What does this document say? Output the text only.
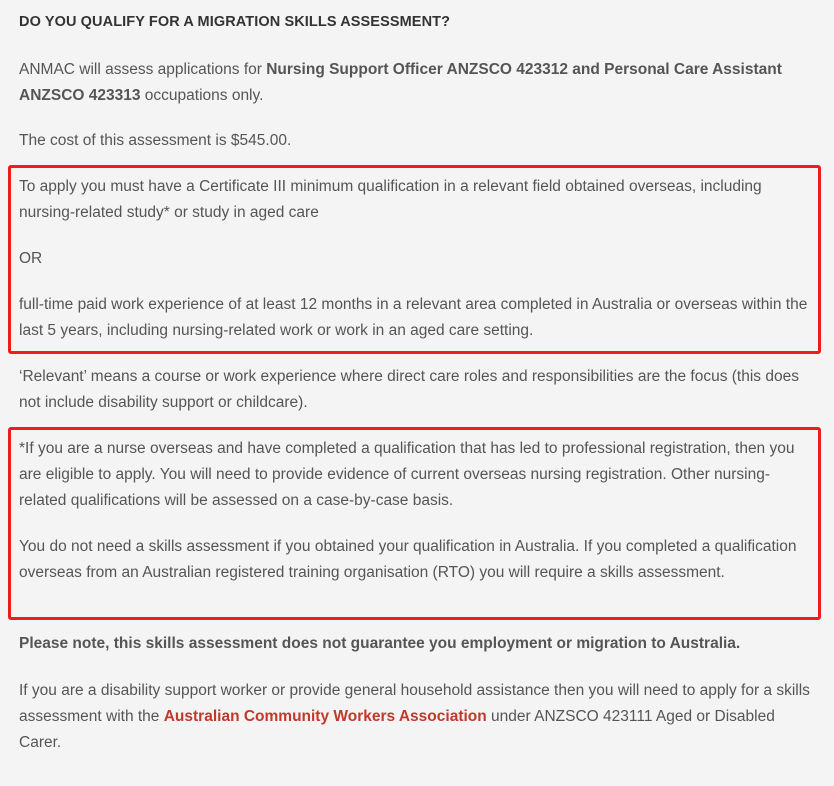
DO YOU QUALIFY FOR A MIGRATION SKILLS ASSESSMENT?

ANMAC will assess applications for Nursing Support Officer ANZSCO 423312 and Personal Care Assistant ANZSCO 423313 occupations only.

The cost of this assessment is $545.00.

To apply you must have a Certificate III minimum qualification in a relevant field obtained overseas, including nursing-related study* or study in aged care

OR

full-time paid work experience of at least 12 months in a relevant area completed in Australia or overseas within the last 5 years, including nursing-related work or work in an aged care setting.

‘Relevant’ means a course or work experience where direct care roles and responsibilities are the focus (this does not include disability support or childcare).

*If you are a nurse overseas and have completed a qualification that has led to professional registration, then you are eligible to apply. You will need to provide evidence of current overseas nursing registration. Other nursing-related qualifications will be assessed on a case-by-case basis.

You do not need a skills assessment if you obtained your qualification in Australia. If you completed a qualification overseas from an Australian registered training organisation (RTO) you will require a skills assessment.

Please note, this skills assessment does not guarantee you employment or migration to Australia.

If you are a disability support worker or provide general household assistance then you will need to apply for a skills assessment with the Australian Community Workers Association under ANZSCO 423111 Aged or Disabled Carer.
